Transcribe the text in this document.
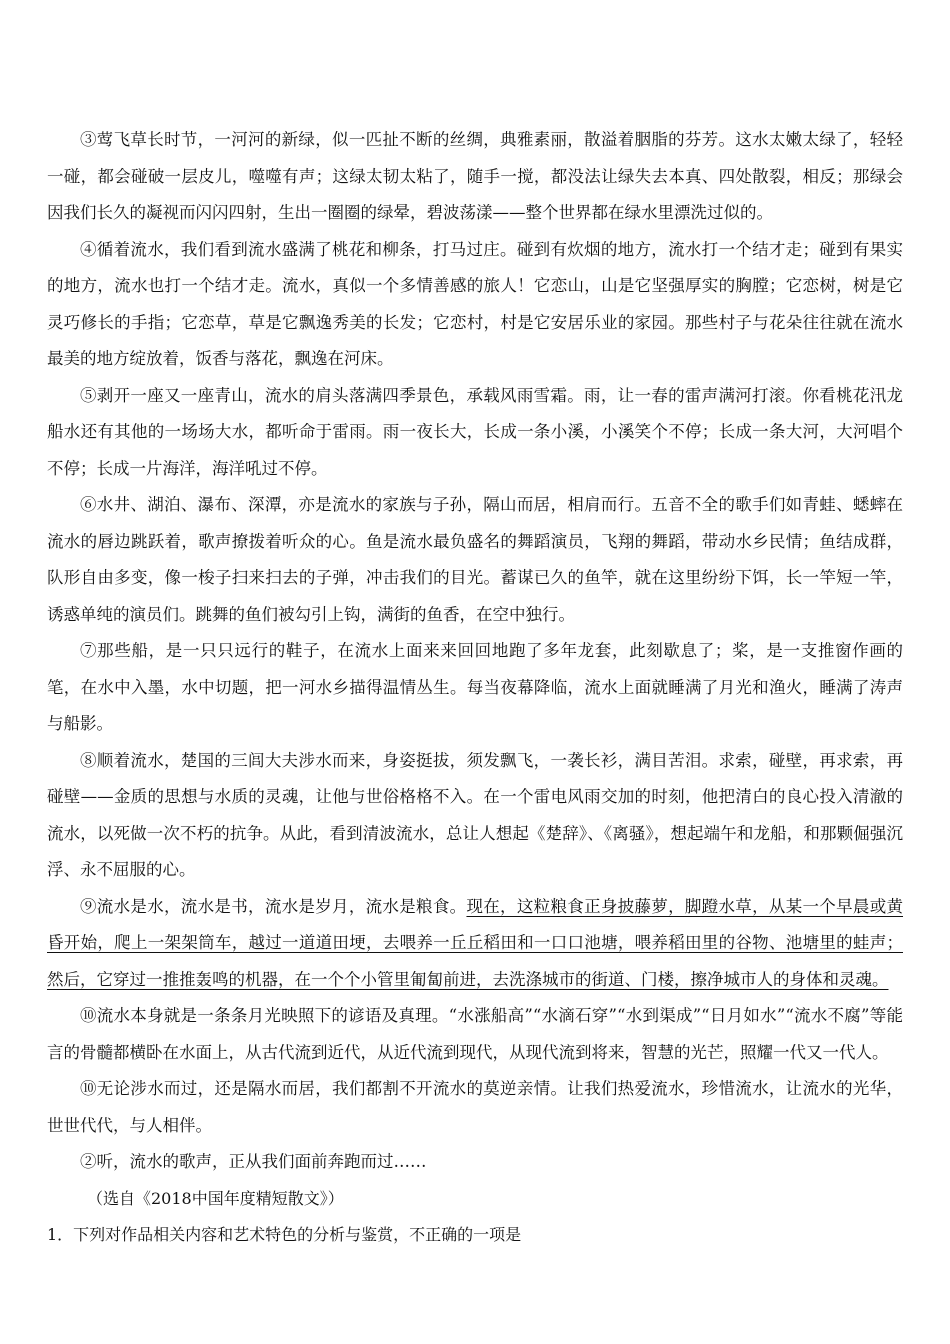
③莺飞草长时节，一河河的新绿，似一匹扯不断的丝绸，典雅素丽，散溢着胭脂的芬芳。这水太嫩太绿了，轻轻一碰，都会碰破一层皮儿，噬噬有声；这绿太韧太粘了，随手一搅，都没法让绿失去本真、四处散裂，相反；那绿会因我们长久的凝视而闪闪四射，生出一圈圈的绿晕，碧波荡漾——整个世界都在绿水里漂洗过似的。

④循着流水，我们看到流水盛满了桃花和柳条，打马过庄。碰到有炊烟的地方，流水打一个结才走；碰到有果实的地方，流水也打一个结才走。流水，真似一个多情善感的旅人！它恋山，山是它坚强厚实的胸膛；它恋树，树是它灵巧修长的手指；它恋草，草是它飘逸秀美的长发；它恋村，村是它安居乐业的家园。那些村子与花朵往往就在流水最美的地方绽放着，饭香与落花，飘逸在河床。

⑤剥开一座又一座青山，流水的肩头落满四季景色，承载风雨雪霜。雨，让一春的雷声满河打滚。你看桃花汛龙船水还有其他的一场场大水，都听命于雷雨。雨一夜长大，长成一条小溪，小溪笑个不停；长成一条大河，大河唱个不停；长成一片海洋，海洋吼过不停。

⑥水井、湖泊、瀑布、深潭，亦是流水的家族与子孙，隔山而居，相肩而行。五音不全的歌手们如青蛙、蟋蟀在流水的唇边跳跃着，歌声撩拨着听众的心。鱼是流水最负盛名的舞蹈演员，飞翔的舞蹈，带动水乡民情；鱼结成群，队形自由多变，像一梭子扫来扫去的子弹，冲击我们的目光。蓄谋已久的鱼竿，就在这里纷纷下饵，长一竿短一竿，诱惑单纯的演员们。跳舞的鱼们被勾引上钩，满街的鱼香，在空中独行。

⑦那些船，是一只只远行的鞋子，在流水上面来来回回地跑了多年龙套，此刻歇息了；桨，是一支推窗作画的笔，在水中入墨，水中切题，把一河水乡描得温情丛生。每当夜幕降临，流水上面就睡满了月光和渔火，睡满了涛声与船影。

⑧顺着流水，楚国的三闾大夫涉水而来，身姿挺拔，须发飘飞，一袭长衫，满目苦泪。求索，碰壁，再求索，再碰壁——金质的思想与水质的灵魂，让他与世俗格格不入。在一个雷电风雨交加的时刻，他把清白的良心投入清澈的流水，以死做一次不朽的抗争。从此，看到清波流水，总让人想起《楚辞》、《离骚》，想起端午和龙船，和那颗倔强沉浮、永不屈服的心。

⑨流水是水，流水是书，流水是岁月，流水是粮食。现在，这粒粮食正身披藤萝，脚蹬水草，从某一个早晨或黄昏开始，爬上一架架筒车，越过一道道田埂，去喂养一丘丘稻田和一口口池塘，喂养稻田里的谷物、池塘里的蛙声；然后，它穿过一推推轰鸣的机器，在一个个小管里匍匐前进，去洗涤城市的街道、门楼，擦净城市人的身体和灵魂。

⑩流水本身就是一条条月光映照下的谚语及真理。“水涨船高”“水滴石穿”“水到渠成”“日月如水”“流水不腐”等能言的骨髓都横卧在水面上，从古代流到近代，从近代流到现代，从现代流到将来，智慧的光芒，照耀一代又一代人。

⑩无论涉水而过，还是隔水而居，我们都割不开流水的莫逆亲情。让我们热爱流水，珍惜流水，让流水的光华，世世代代，与人相伴。

②听，流水的歌声，正从我们面前奔跑而过……

（选自《2018中国年度精短散文》）

1．下列对作品相关内容和艺术特色的分析与鉴赏，不正确的一项是
